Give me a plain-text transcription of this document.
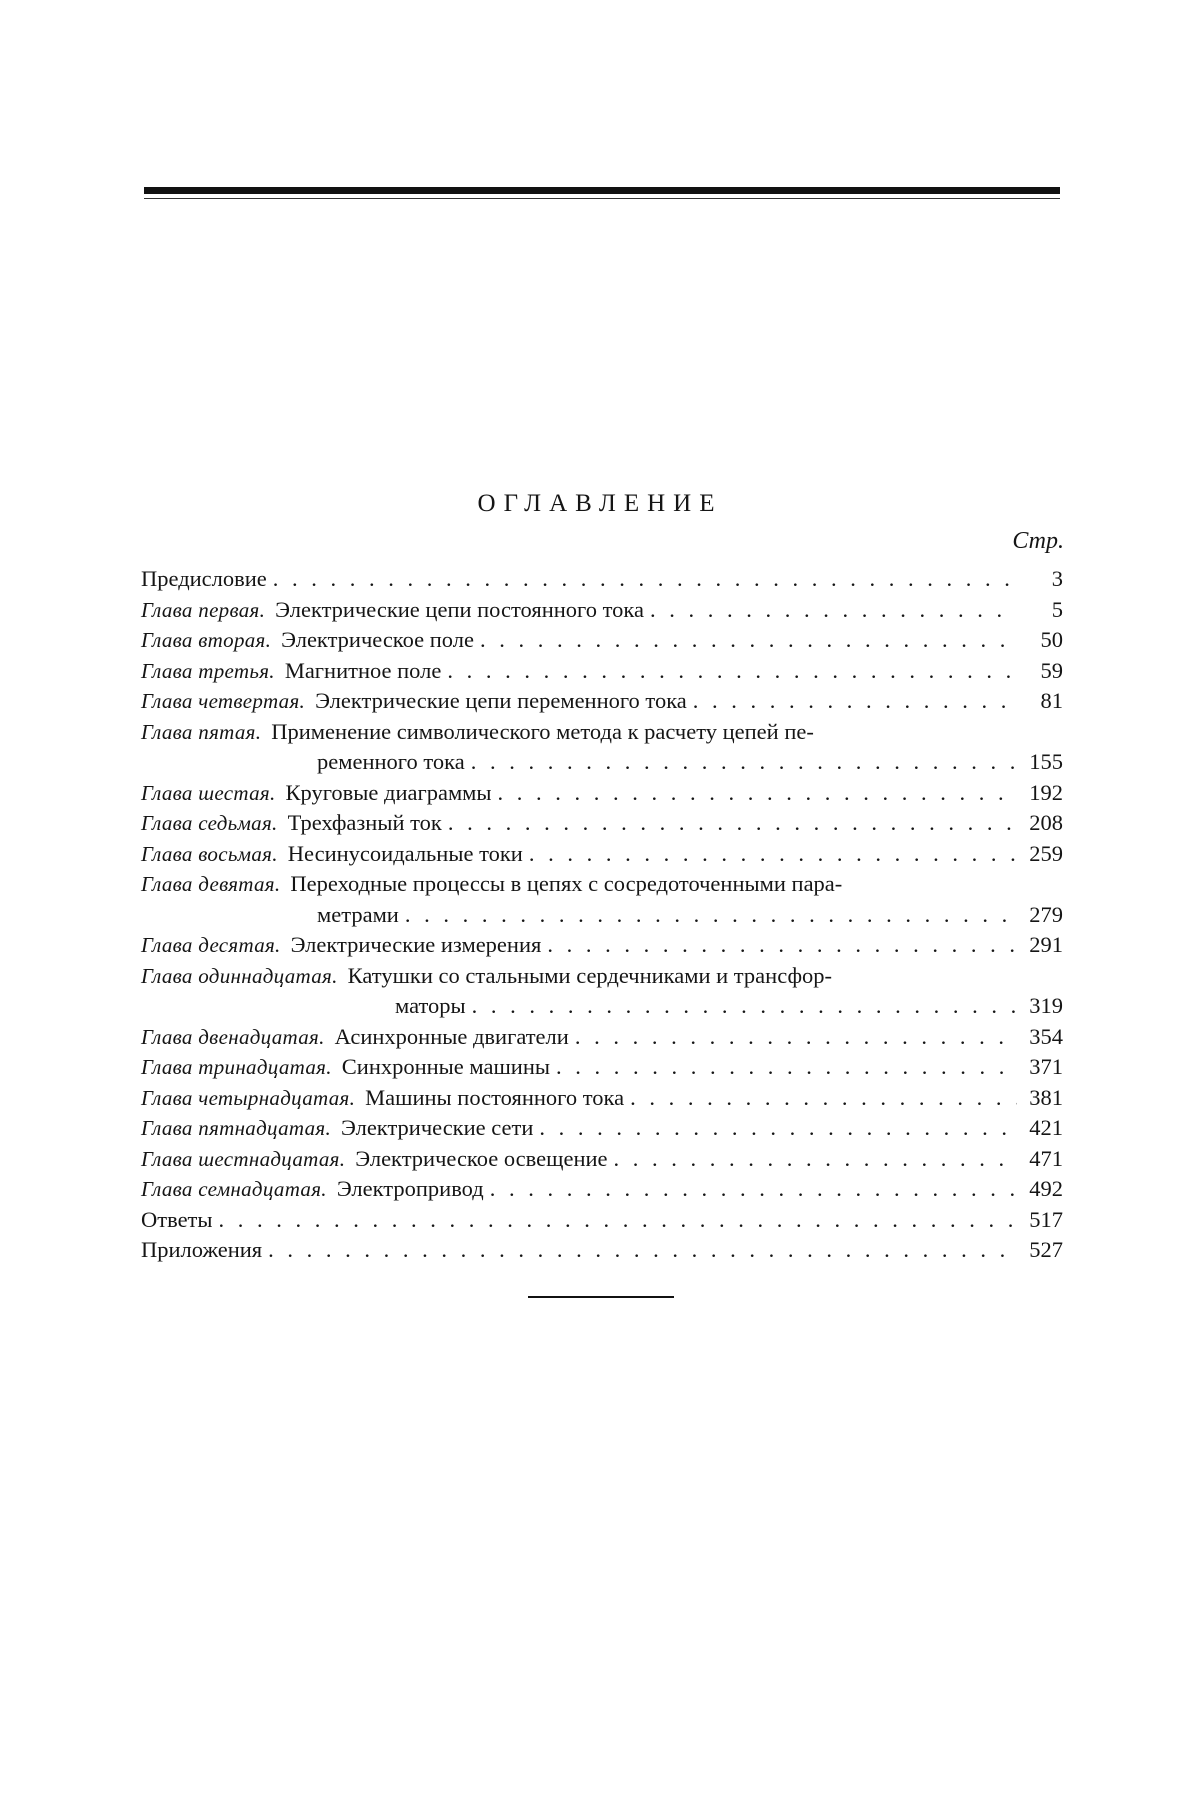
ОГЛАВЛЕНИЕ
Стр.
Предисловие . . .	3
Глава первая. Электрические цепи постоянного тока . . .	5
Глава вторая. Электрическое поле . . .	50
Глава третья. Магнитное поле . . .	59
Глава четвертая. Электрические цепи переменного тока . . .	81
Глава пятая. Применение символического метода к расчету цепей пе-
ременного тока . . .	155
Глава шестая. Круговые диаграммы . . .	192
Глава седьмая. Трехфазный ток . . .	208
Глава восьмая. Несинусоидальные токи . . .	259
Глава девятая. Переходные процессы в цепях с сосредоточенными пара-
метрами . . .	279
Глава десятая. Электрические измерения . . .	291
Глава одиннадцатая. Катушки со стальными сердечниками и трансфор-
маторы . . .	319
Глава двенадцатая. Асинхронные двигатели . . .	354
Глава тринадцатая. Синхронные машины . . .	371
Глава четырнадцатая. Машины постоянного тока . . .	381
Глава пятнадцатая. Электрические сети . . .	421
Глава шестнадцатая. Электрическое освещение . . .	471
Глава семнадцатая. Электропривод . . .	492
Ответы . . .	517
Приложения . . .	527
